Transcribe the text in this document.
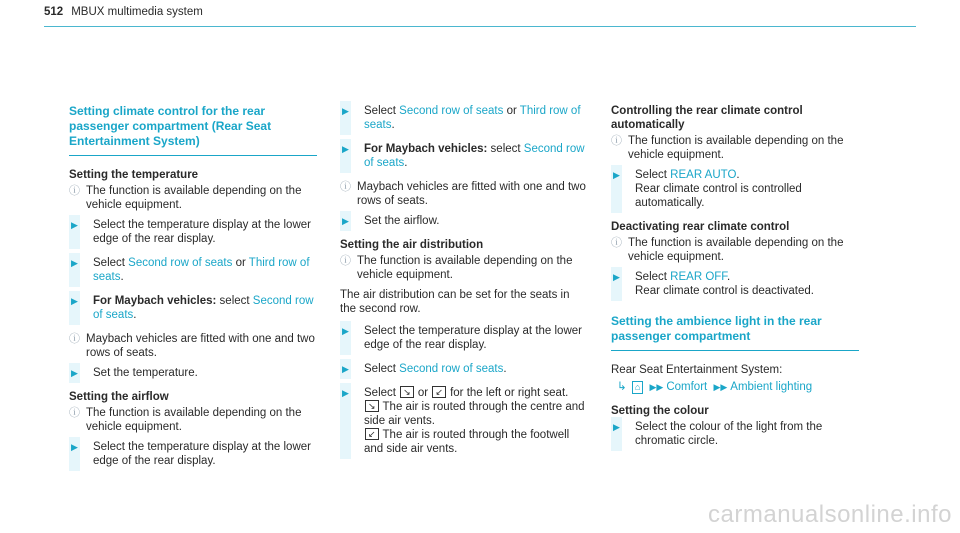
512 MBUX multimedia system
Setting climate control for the rear passenger compartment (Rear Seat Entertainment System)
Setting the temperature
ⓘ The function is available depending on the vehicle equipment.
▶ Select the temperature display at the lower edge of the rear display.
▶ Select Second row of seats or Third row of seats.
▶ For Maybach vehicles: select Second row of seats.
ⓘ Maybach vehicles are fitted with one and two rows of seats.
▶ Set the temperature.
Setting the airflow
ⓘ The function is available depending on the vehicle equipment.
▶ Select the temperature display at the lower edge of the rear display.
▶ Select Second row of seats or Third row of seats.
▶ For Maybach vehicles: select Second row of seats.
ⓘ Maybach vehicles are fitted with one and two rows of seats.
▶ Set the airflow.
Setting the air distribution
ⓘ The function is available depending on the vehicle equipment.
The air distribution can be set for the seats in the second row.
▶ Select the temperature display at the lower edge of the rear display.
▶ Select Second row of seats.
▶ Select ↘ or ↙ for the left or right seat.
↘ The air is routed through the centre and side air vents.
↙ The air is routed through the footwell and side air vents.
Controlling the rear climate control automatically
ⓘ The function is available depending on the vehicle equipment.
▶ Select REAR AUTO.
Rear climate control is controlled automatically.
Deactivating rear climate control
ⓘ The function is available depending on the vehicle equipment.
▶ Select REAR OFF.
Rear climate control is deactivated.
Setting the ambience light in the rear passenger compartment
Rear Seat Entertainment System:
↳ ⌂ ▶▶ Comfort ▶▶ Ambient lighting
Setting the colour
▶ Select the colour of the light from the chromatic circle.
carmanualsonline.info
